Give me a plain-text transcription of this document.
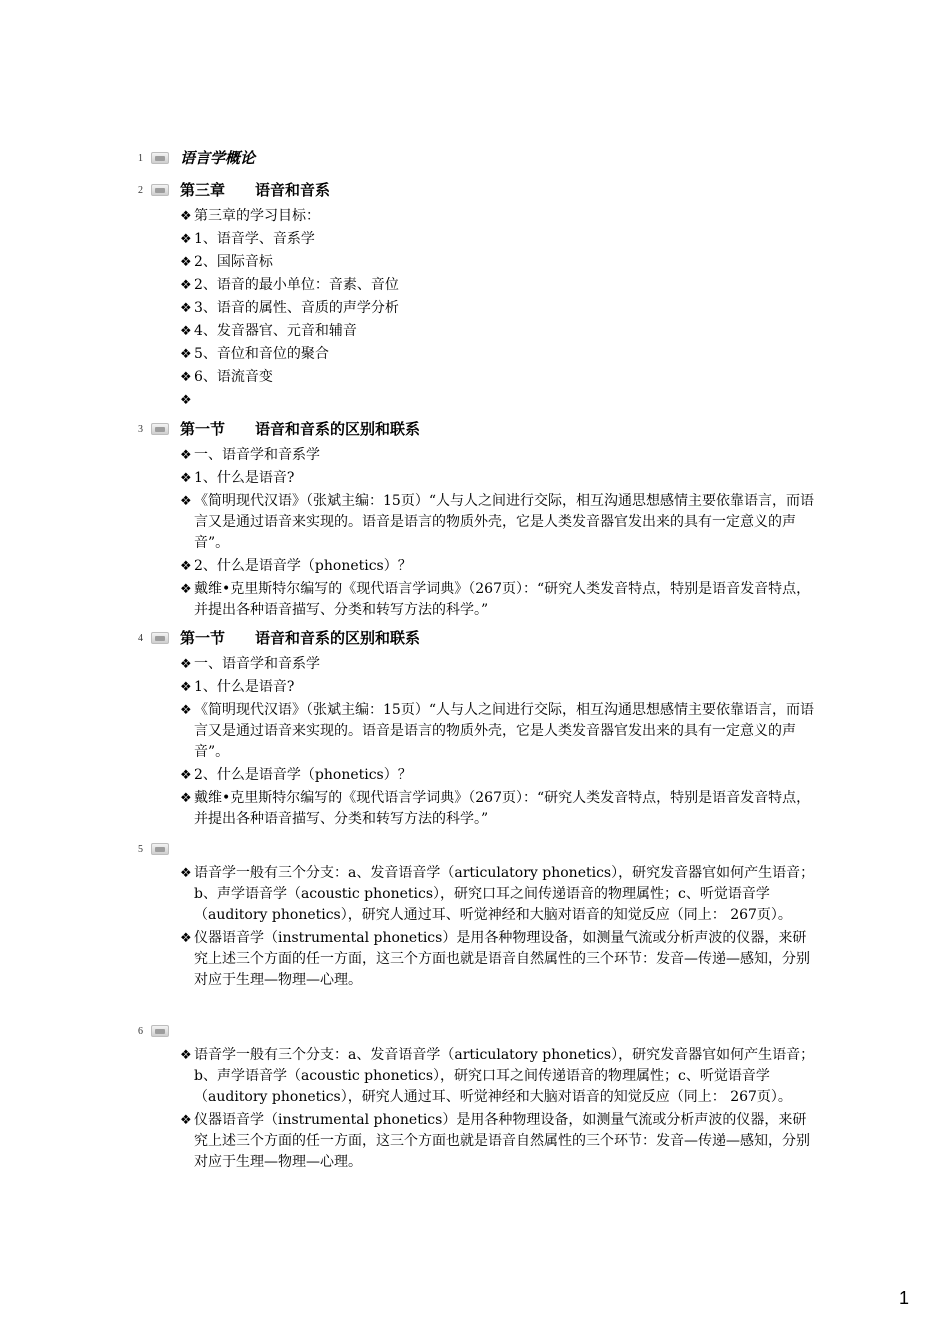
1 语言学概论
2 第三章　　语音和音系
❖ 第三章的学习目标：
❖ 1、语音学、音系学
❖ 2、国际音标
❖ 2、语音的最小单位：音素、音位
❖ 3、语音的属性、音质的声学分析
❖ 4、发音器官、元音和辅音
❖ 5、音位和音位的聚合
❖ 6、语流音变
❖
3 第一节　　语音和音系的区别和联系
❖ 一、语音学和音系学
❖ 1、什么是语音?
❖ 《简明现代汉语》（张斌主编：15页）“人与人之间进行交际，相互沟通思想感情主要依靠语言，而语言又是通过语音来实现的。语音是语言的物质外壳，它是人类发音器官发出来的具有一定意义的声音”。
❖ 2、什么是语音学（phonetics）？
❖ 戴维•克里斯特尔编写的《现代语言学词典》（267页）：“研究人类发音特点，特别是语音发音特点，并提出各种语音描写、分类和转写方法的科学。”
4 第一节　　语音和音系的区别和联系
❖ 一、语音学和音系学
❖ 1、什么是语音?
❖ 《简明现代汉语》（张斌主编：15页）“人与人之间进行交际，相互沟通思想感情主要依靠语言，而语言又是通过语音来实现的。语音是语言的物质外壳，它是人类发音器官发出来的具有一定意义的声音”。
❖ 2、什么是语音学（phonetics）？
❖ 戴维•克里斯特尔编写的《现代语言学词典》（267页）：“研究人类发音特点，特别是语音发音特点，并提出各种语音描写、分类和转写方法的科学。”
5
❖ 语音学一般有三个分支：a、发音语音学（articulatory phonetics），研究发音器官如何产生语音；b、声学语音学（acoustic phonetics），研究口耳之间传递语音的物理属性；c、听觉语音学（auditory phonetics），研究人通过耳、听觉神经和大脑对语音的知觉反应（同上： 267页）。
❖ 仪器语音学（instrumental phonetics）是用各种物理设备，如测量气流或分析声波的仪器，来研究上述三个方面的任一方面，这三个方面也就是语音自然属性的三个环节：发音—传递—感知，分别对应于生理—物理—心理。
6
❖ 语音学一般有三个分支：a、发音语音学（articulatory phonetics），研究发音器官如何产生语音；b、声学语音学（acoustic phonetics），研究口耳之间传递语音的物理属性；c、听觉语音学（auditory phonetics），研究人通过耳、听觉神经和大脑对语音的知觉反应（同上： 267页）。
❖ 仪器语音学（instrumental phonetics）是用各种物理设备，如测量气流或分析声波的仪器，来研究上述三个方面的任一方面，这三个方面也就是语音自然属性的三个环节：发音—传递—感知，分别对应于生理—物理—心理。
1
